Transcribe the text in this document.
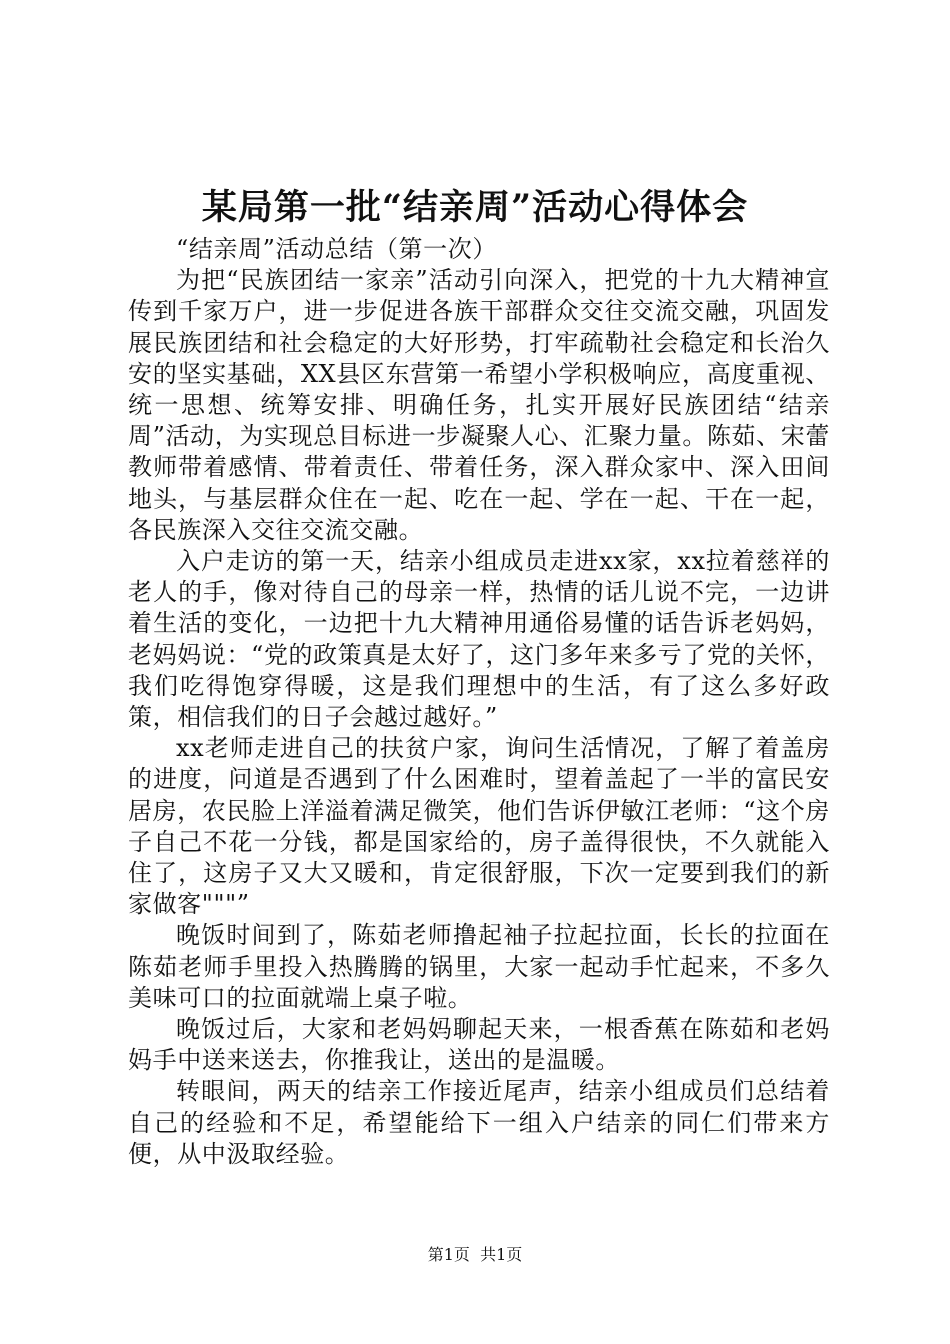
某局第一批“结亲周”活动心得体会

“结亲周”活动总结（第一次）

为把“民族团结一家亲”活动引向深入，把党的十九大精神宣传到千家万户，进一步促进各族干部群众交往交流交融，巩固发展民族团结和社会稳定的大好形势，打牢疏勒社会稳定和长治久安的坚实基础，XX县区东营第一希望小学积极响应，高度重视、统一思想、统筹安排、明确任务，扎实开展好民族团结“结亲周”活动，为实现总目标进一步凝聚人心、汇聚力量。陈茹、宋蕾教师带着感情、带着责任、带着任务，深入群众家中、深入田间地头，与基层群众住在一起、吃在一起、学在一起、干在一起，各民族深入交往交流交融。

入户走访的第一天，结亲小组成员走进xx家，xx拉着慈祥的老人的手，像对待自己的母亲一样，热情的话儿说不完，一边讲着生活的变化，一边把十九大精神用通俗易懂的话告诉老妈妈，老妈妈说：“党的政策真是太好了，这门多年来多亏了党的关怀，我们吃得饱穿得暖，这是我们理想中的生活，有了这么多好政策，相信我们的日子会越过越好。”

xx老师走进自己的扶贫户家，询问生活情况，了解了着盖房的进度，问道是否遇到了什么困难时，望着盖起了一半的富民安居房，农民脸上洋溢着满足微笑，他们告诉伊敏江老师：“这个房子自己不花一分钱，都是国家给的，房子盖得很快，不久就能入住了，这房子又大又暖和，肯定很舒服，下次一定要到我们的新家做客"""”

晚饭时间到了，陈茹老师撸起袖子拉起拉面，长长的拉面在陈茹老师手里投入热腾腾的锅里，大家一起动手忙起来，不多久美味可口的拉面就端上桌子啦。

晚饭过后，大家和老妈妈聊起天来，一根香蕉在陈茹和老妈妈手中送来送去，你推我让，送出的是温暖。

转眼间，两天的结亲工作接近尾声，结亲小组成员们总结着自己的经验和不足，希望能给下一组入户结亲的同仁们带来方便，从中汲取经验。

第1页  共1页
